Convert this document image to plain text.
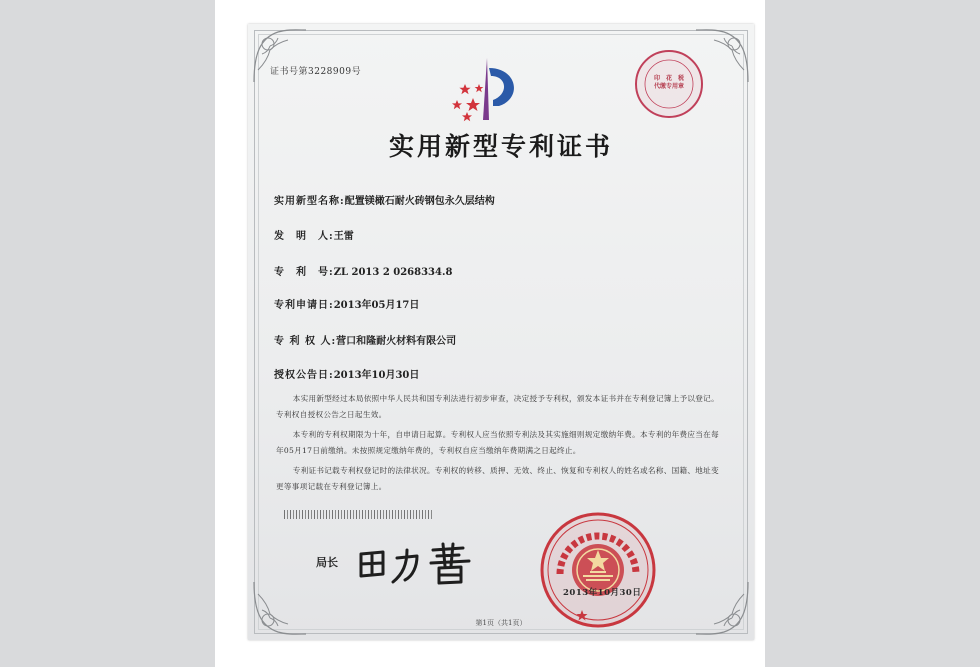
证书号第3228909号
印　花　税
代缴专用章
实用新型专利证书
实用新型名称:配置镁橄石耐火砖钢包永久层结构
发　明　人:王雷
专　利　号:ZL 2013 2 0268334.8
专利申请日:2013年05月17日
专 利 权 人:营口和隆耐火材料有限公司
授权公告日:2013年10月30日

本实用新型经过本局依照中华人民共和国专利法进行初步审查，决定授予专利权，颁发本证书并在专利登记簿上予以登记。专利权自授权公告之日起生效。

本专利的专利权期限为十年，自申请日起算。专利权人应当依照专利法及其实施细则规定缴纳年费。本专利的年费应当在每年05月17日前缴纳。未按照规定缴纳年费的，专利权自应当缴纳年费期满之日起终止。

专利证书记载专利权登记时的法律状况。专利权的转移、质押、无效、终止、恢复和专利权人的姓名或名称、国籍、地址变更等事项记载在专利登记簿上。

局长
2013年10月30日
第1页（共1页）
